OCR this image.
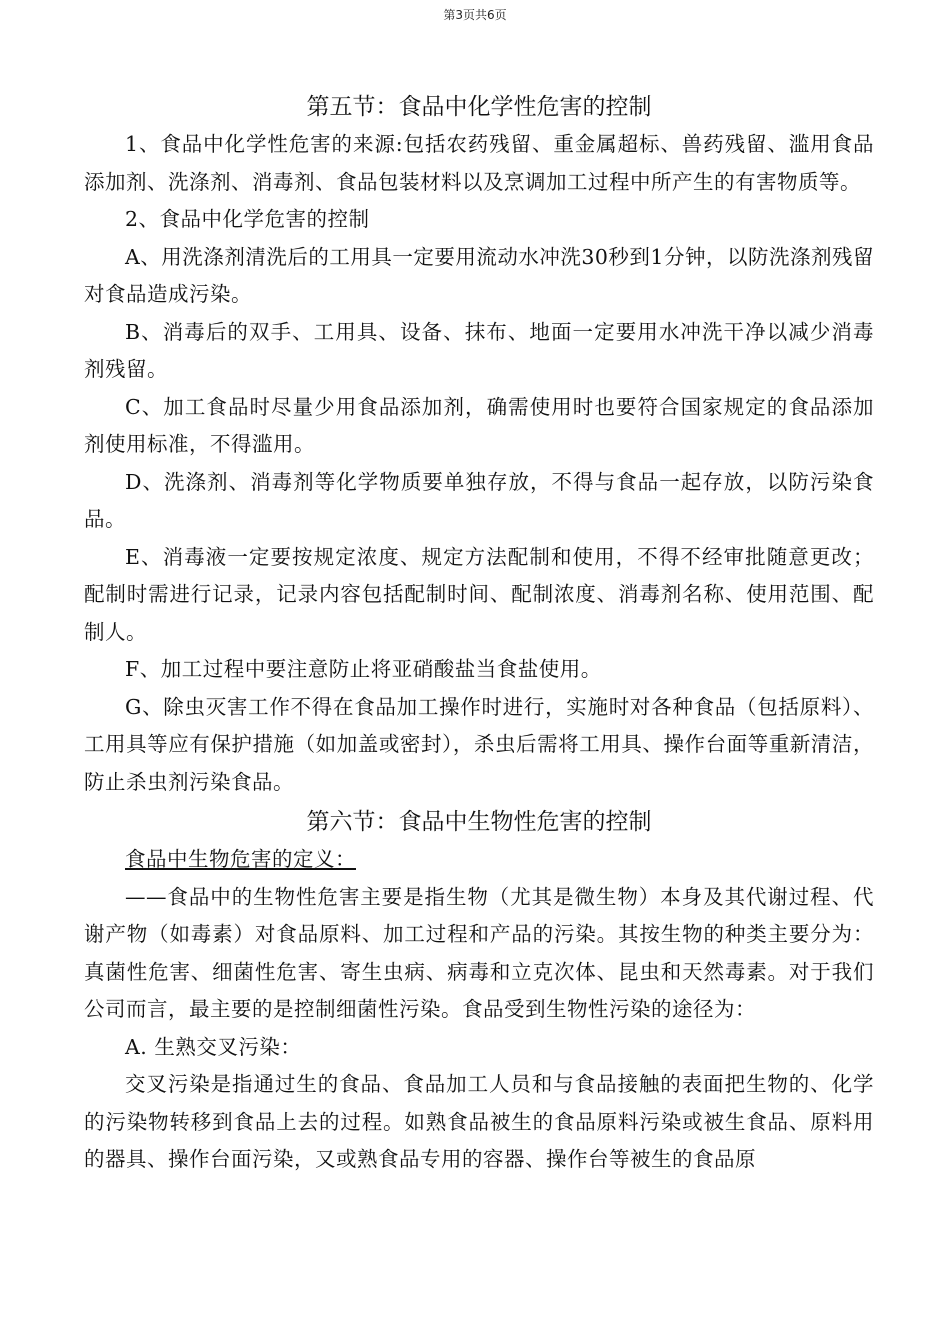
第3页共6页
第五节：食品中化学性危害的控制

1、食品中化学性危害的来源:包括农药残留、重金属超标、兽药残留、滥用食品添加剂、洗涤剂、消毒剂、食品包装材料以及烹调加工过程中所产生的有害物质等。

2、食品中化学危害的控制

A、用洗涤剂清洗后的工用具一定要用流动水冲洗30秒到1分钟，以防洗涤剂残留对食品造成污染。

B、消毒后的双手、工用具、设备、抹布、地面一定要用水冲洗干净以减少消毒剂残留。

C、加工食品时尽量少用食品添加剂，确需使用时也要符合国家规定的食品添加剂使用标准，不得滥用。

D、洗涤剂、消毒剂等化学物质要单独存放，不得与食品一起存放，以防污染食品。

E、消毒液一定要按规定浓度、规定方法配制和使用，不得不经审批随意更改；配制时需进行记录，记录内容包括配制时间、配制浓度、消毒剂名称、使用范围、配制人。

F、加工过程中要注意防止将亚硝酸盐当食盐使用。

G、除虫灭害工作不得在食品加工操作时进行，实施时对各种食品（包括原料）、工用具等应有保护措施（如加盖或密封），杀虫后需将工用具、操作台面等重新清洁，防止杀虫剂污染食品。

第六节：食品中生物性危害的控制

食品中生物危害的定义：

——食品中的生物性危害主要是指生物（尤其是微生物）本身及其代谢过程、代谢产物（如毒素）对食品原料、加工过程和产品的污染。其按生物的种类主要分为：真菌性危害、细菌性危害、寄生虫病、病毒和立克次体、昆虫和天然毒素。对于我们公司而言，最主要的是控制细菌性污染。食品受到生物性污染的途径为：

A. 生熟交叉污染：

交叉污染是指通过生的食品、食品加工人员和与食品接触的表面把生物的、化学的污染物转移到食品上去的过程。如熟食品被生的食品原料污染或被生食品、原料用的器具、操作台面污染，又或熟食品专用的容器、操作台等被生的食品原
